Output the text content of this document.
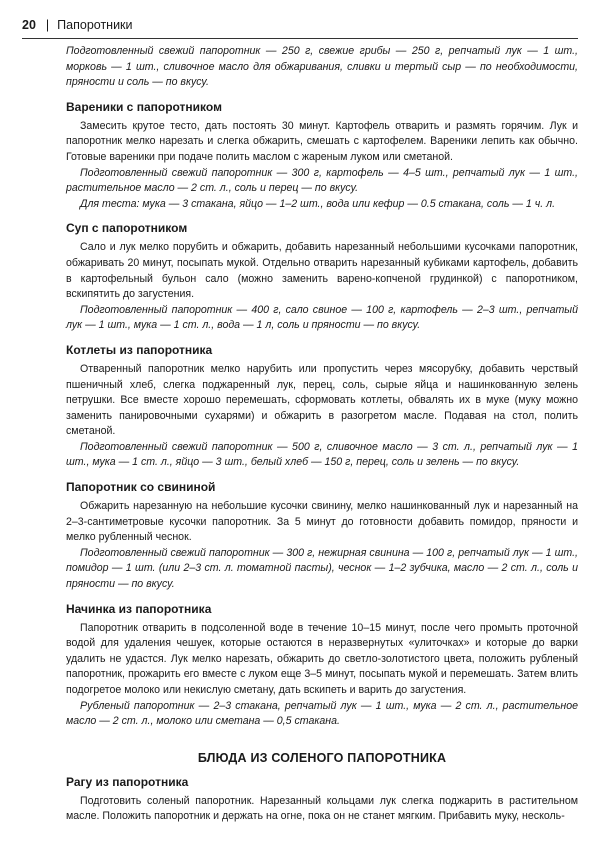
20 | Папоротники

Подготовленный свежий папоротник — 250 г, свежие грибы — 250 г, репчатый лук — 1 шт., морковь — 1 шт., сливочное масло для обжаривания, сливки и тертый сыр — по необходимости, пряности и соль — по вкусу.

Вареники с папоротником

Замесить крутое тесто, дать постоять 30 минут. Картофель отварить и размять горячим. Лук и папоротник мелко нарезать и слегка обжарить, смешать с картофелем. Вареники лепить как обычно. Готовые вареники при подаче полить маслом с жареным луком или сметаной.

Подготовленный свежий папоротник — 300 г, картофель — 4–5 шт., репчатый лук — 1 шт., растительное масло — 2 ст. л., соль и перец — по вкусу.

Для теста: мука — 3 стакана, яйцо — 1–2 шт., вода или кефир — 0.5 стакана, соль — 1 ч. л.

Суп с папоротником

Сало и лук мелко порубить и обжарить, добавить нарезанный небольшими кусочками папоротник, обжаривать 20 минут, посыпать мукой. Отдельно отварить нарезанный кубиками картофель, добавить в картофельный бульон сало (можно заменить варено-копченой грудинкой) с папоротником, вскипятить до загустения.

Подготовленный папоротник — 400 г, сало свиное — 100 г, картофель — 2–3 шт., репчатый лук — 1 шт., мука — 1 ст. л., вода — 1 л, соль и пряности — по вкусу.

Котлеты из папоротника

Отваренный папоротник мелко нарубить или пропустить через мясорубку, добавить черствый пшеничный хлеб, слегка поджаренный лук, перец, соль, сырые яйца и нашинкованную зелень петрушки. Все вместе хорошо перемешать, сформовать котлеты, обвалять их в муке (муку можно заменить панировочными сухарями) и обжарить в разогретом масле. Подавая на стол, полить сметаной.

Подготовленный свежий папоротник — 500 г, сливочное масло — 3 ст. л., репчатый лук — 1 шт., мука — 1 ст. л., яйцо — 3 шт., белый хлеб — 150 г, перец, соль и зелень — по вкусу.

Папоротник со свининой

Обжарить нарезанную на небольшие кусочки свинину, мелко нашинкованный лук и нарезанный на 2–3-сантиметровые кусочки папоротник. За 5 минут до готовности добавить помидор, пряности и мелко рубленный чеснок.

Подготовленный свежий папоротник — 300 г, нежирная свинина — 100 г, репчатый лук — 1 шт., помидор — 1 шт. (или 2–3 ст. л. томатной пасты), чеснок — 1–2 зубчика, масло — 2 ст. л., соль и пряности — по вкусу.

Начинка из папоротника

Папоротник отварить в подсоленной воде в течение 10–15 минут, после чего промыть проточной водой для удаления чешуек, которые остаются в неразвернутых «улиточках» и которые до варки удалить не удастся. Лук мелко нарезать, обжарить до светло-золотистого цвета, положить рубленый папоротник, прожарить его вместе с луком еще 3–5 минут, посыпать мукой и перемешать. Затем влить подогретое молоко или некислую сметану, дать вскипеть и варить до загустения.

Рубленый папоротник — 2–3 стакана, репчатый лук — 1 шт., мука — 2 ст. л., растительное масло — 2 ст. л., молоко или сметана — 0,5 стакана.

БЛЮДА ИЗ СОЛЕНОГО ПАПОРОТНИКА
Рагу из папоротника

Подготовить соленый папоротник. Нарезанный кольцами лук слегка поджарить в растительном масле. Положить папоротник и держать на огне, пока он не станет мягким. Прибавить муку, несколь-
